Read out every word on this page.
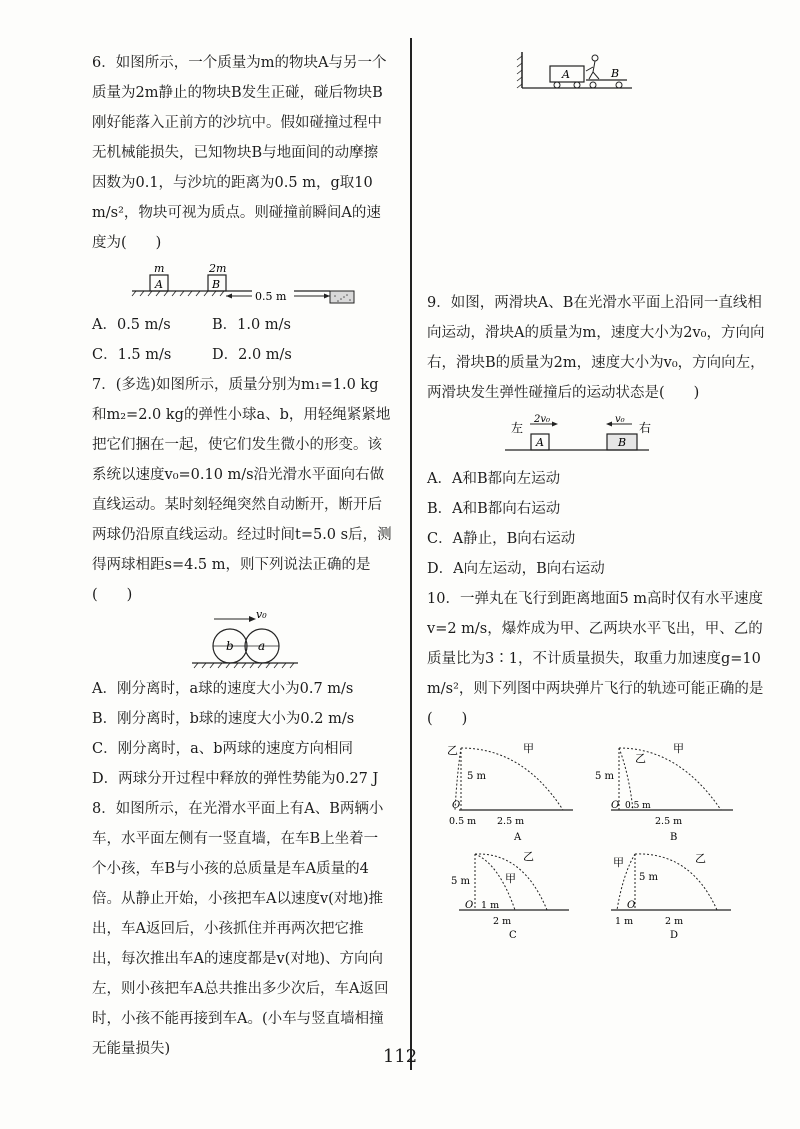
6．如图所示，一个质量为m的物块A与另一个质量为2m静止的物块B发生正碰，碰后物块B刚好能落入正前方的沙坑中。假如碰撞过程中无机械能损失，已知物块B与地面间的动摩擦因数为0.1，与沙坑的距离为0.5 m，g取10 m/s²，物块可视为质点。则碰撞前瞬间A的速度为(　　)

m
A
2m
B
0.5 m
A．0.5 m/s	B．1.0 m/s
C．1.5 m/s	D．2.0 m/s

7．(多选)如图所示，质量分别为m₁=1.0 kg和m₂=2.0 kg的弹性小球a、b，用轻绳紧紧地把它们捆在一起，使它们发生微小的形变。该系统以速度v₀=0.10 m/s沿光滑水平面向右做直线运动。某时刻轻绳突然自动断开，断开后两球仍沿原直线运动。经过时间t=5.0 s后，测得两球相距s=4.5 m，则下列说法正确的是(　　)

v₀
b a

A．刚分离时，a球的速度大小为0.7 m/s

B．刚分离时，b球的速度大小为0.2 m/s

C．刚分离时，a、b两球的速度方向相同

D．两球分开过程中释放的弹性势能为0.27 J

8．如图所示，在光滑水平面上有A、B两辆小车，水平面左侧有一竖直墙，在车B上坐着一个小孩，车B与小孩的总质量是车A质量的4倍。从静止开始，小孩把车A以速度v(对地)推出，车A返回后，小孩抓住并再两次把它推出，每次推出车A的速度都是v(对地)、方向向左，则小孩把车A总共推出多少次后，车A返回时，小孩不能再接到车A。(小车与竖直墙相撞无能量损失)

A	B

9．如图，两滑块A、B在光滑水平面上沿同一直线相向运动，滑块A的质量为m，速度大小为2v₀，方向向右，滑块B的质量为2m，速度大小为v₀，方向向左，两滑块发生弹性碰撞后的运动状态是(　　)

左
2v₀
A
v₀
B
右

A．A和B都向左运动

B．A和B都向右运动

C．A静止，B向右运动

D．A向左运动，B向右运动

10．一弹丸在飞行到距离地面5 m高时仅有水平速度v=2 m/s，爆炸成为甲、乙两块水平飞出，甲、乙的质量比为3∶1，不计质量损失，取重力加速度g=10 m/s²，则下列图中两块弹片飞行的轨迹可能正确的是(　　)

乙	甲
5 m
O
0.5 m 2.5 m
A
乙
甲
5 m
O 0.5 m
2.5 m
B
甲
乙
5 m
O 1 m
2 m
C
甲	乙
5 m
O
1 m	2 m
D
112
